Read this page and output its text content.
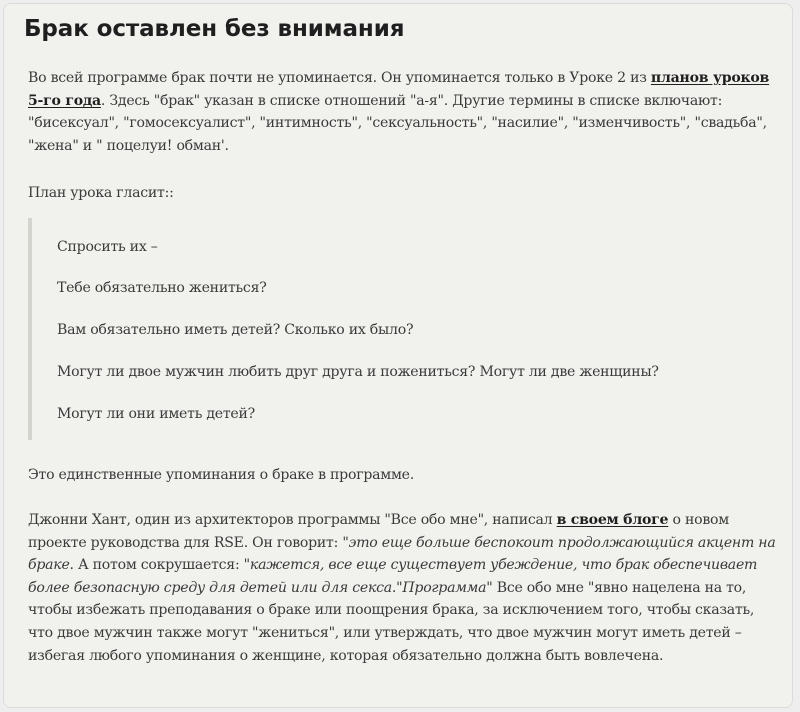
Брак оставлен без внимания

Во всей программе брак почти не упоминается. Он упоминается только в Уроке 2 из планов уроков 5-го года. Здесь "брак" указан в списке отношений "а-я". Другие термины в списке включают: "бисексуал", "гомосексуалист", "интимность", "сексуальность", "насилие", "изменчивость", "свадьба", "жена" и " поцелуи! обман'.

План урока гласит::

Спросить их –

Тебе обязательно жениться?

Вам обязательно иметь детей? Сколько их было?

Могут ли двое мужчин любить друг друга и пожениться? Могут ли две женщины?

Могут ли они иметь детей?

Это единственные упоминания о браке в программе.

Джонни Хант, один из архитекторов программы "Все обо мне", написал в своем блоге о новом проекте руководства для RSE. Он говорит: "это еще больше беспокоит продолжающийся акцент на браке. А потом сокрушается: "кажется, все еще существует убеждение, что брак обеспечивает более безопасную среду для детей или для секса."Программа" Все обо мне "явно нацелена на то, чтобы избежать преподавания о браке или поощрения брака, за исключением того, чтобы сказать, что двое мужчин также могут "жениться", или утверждать, что двое мужчин могут иметь детей – избегая любого упоминания о женщине, которая обязательно должна быть вовлечена.
